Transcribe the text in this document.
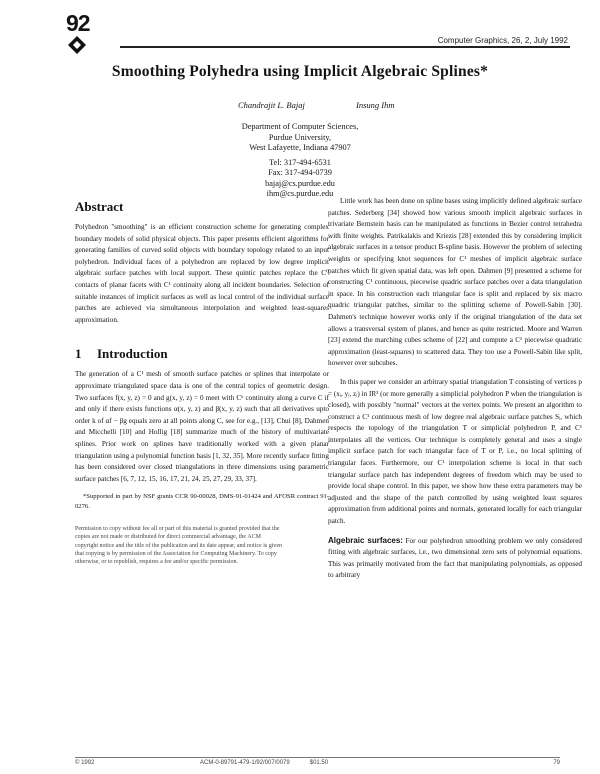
92
Computer Graphics, 26, 2, July 1992
Smoothing Polyhedra using Implicit Algebraic Splines*
Chandrajit L. Bajaj	Insung Ihm
Department of Computer Sciences,
Purdue University,
West Lafayette, Indiana 47907
Tel: 317-494-6531
Fax: 317-494-0739
bajaj@cs.purdue.edu
ihm@cs.purdue.edu
Abstract
Polyhedron "smoothing" is an efficient construction scheme for generating complex boundary models of solid physical objects. This paper presents efficient algorithms for generating families of curved solid objects with boundary topology related to an input polyhedron. Individual faces of a polyhedron are replaced by low degree implicit algebraic surface patches with local support. These quintic patches replace the C⁰ contacts of planar facets with C¹ continuity along all incident boundaries. Selection of suitable instances of implicit surfaces as well as local control of the individual surface patches are achieved via simultaneous interpolation and weighted least-squares approximation.
1 Introduction
The generation of a C¹ mesh of smooth surface patches or splines that interpolate or approximate triangulated space data is one of the central topics of geometric design. Two surfaces f(x, y, z) = 0 and g(x, y, z) = 0 meet with Cᵏ continuity along a curve C if and only if there exists functions α(x, y, z) and β(x, y, z) such that all derivatives upto order k of αf − βg equals zero at all points along C, see for e.g., [13], Chui [8], Dahmen and Micchelli [10] and Hollig [18] summarize much of the history of multivariate splines. Prior work on splines have traditionally worked with a given planar triangulation using a polynomial function basis [1, 32, 35]. More recently surface fitting has been considered over closed triangulations in three dimensions using parametric surface patches [6, 7, 12, 15, 16, 17, 21, 24, 25, 27, 29, 33, 37].
*Supported in part by NSF grants CCR 90-00028, DMS-91-01424 and AFOSR contract 91-0276.
Permission to copy without fee all or part of this material is granted provided that the copies are not made or distributed for direct commercial advantage, the ACM copyright notice and the title of the publication and its date appear, and notice is given that copying is by permission of the Association for Computing Machinery. To copy otherwise, or to republish, requires a fee and/or specific permission.
Little work has been done on spline bases using implicitly defined algebraic surface patches. Sederberg [34] showed how various smooth implicit algebraic surfaces in trivariate Bernstein basis can be manipulated as functions in Bezier control tetrahedra with finite weights. Patrikalakis and Kriezis [28] extended this by considering implicit algebraic surfaces in a tensor product B-spline basis. However the problem of selecting weights or specifying knot sequences for C¹ meshes of implicit algebraic surface patches which fit given spatial data, was left open. Dahmen [9] presented a scheme for constructing C¹ continuous, piecewise quadric surface patches over a data triangulation in space. In his construction each triangular face is split and replaced by six macro quadric triangular patches, similar to the splitting scheme of Powell-Sabin [30]. Dahmen's technique however works only if the original triangulation of the data set allows a transversal system of planes, and hence as quite restricted. Moore and Warren [23] extend the marching cubes scheme of [22] and compute a C¹ piecewise quadratic approximation (least-squares) to scattered data. They too use a Powell-Sabin like split, however over subcubes.
In this paper we consider an arbitrary spatial triangulation T consisting of vertices p = (xᵢ, yᵢ, zᵢ) in IR³ (or more generally a simplicial polyhedron P when the triangulation is closed), with possibly "normal" vectors at the vertex points. We present an algorithm to construct a C¹ continuous mesh of low degree real algebraic surface patches Sᵢ, which respects the topology of the triangulation T or simplicial polyhedron P, and C¹ interpolates all the vertices. Our technique is completely general and uses a single implicit surface patch for each triangular face of T or P, i.e., no local splitting of triangular faces. Furthermore, our C¹ interpolation scheme is local in that each triangular surface patch has independent degrees of freedom which may be used to provide local shape control. In this paper, we show how these extra parameters may be adjusted and the shape of the patch controlled by using weighted least squares approximation from additional points and normals, generated locally for each triangular patch.
Algebraic surfaces: For our polyhedron smoothing problem we only considered fitting with algebraic surfaces, i.e., two dimensional zero sets of polynomial equations. This was primarily motivated from the fact that manipulating polynomials, as opposed to arbitrary
© 1992	ACM-0-89791-479-1/92/007/0079	$01.50	79
